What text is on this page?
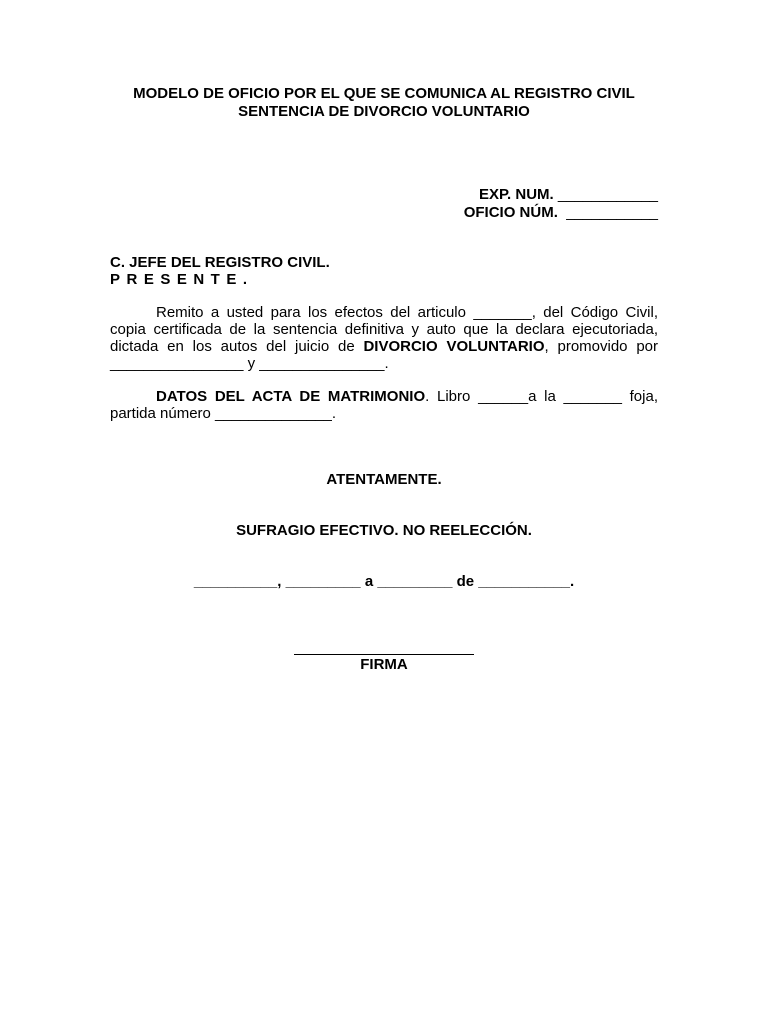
MODELO DE OFICIO POR EL QUE SE COMUNICA AL REGISTRO CIVIL
SENTENCIA DE DIVORCIO VOLUNTARIO
EXP. NUM. ____________
OFICIO NÚM. ___________
C. JEFE DEL REGISTRO CIVIL.
PRESENTE.

Remito a usted para los efectos del articulo _______, del Código Civil, copia certificada de la sentencia definitiva y auto que la declara ejecutoriada, dictada en los autos del juicio de DIVORCIO VOLUNTARIO, promovido por ________________ y _______________.

DATOS DEL ACTA DE MATRIMONIO. Libro ______a la _______ foja, partida número ______________.

ATENTAMENTE.
SUFRAGIO EFECTIVO. NO REELECCIÓN.
__________, _________ a _________ de ___________.
FIRMA
